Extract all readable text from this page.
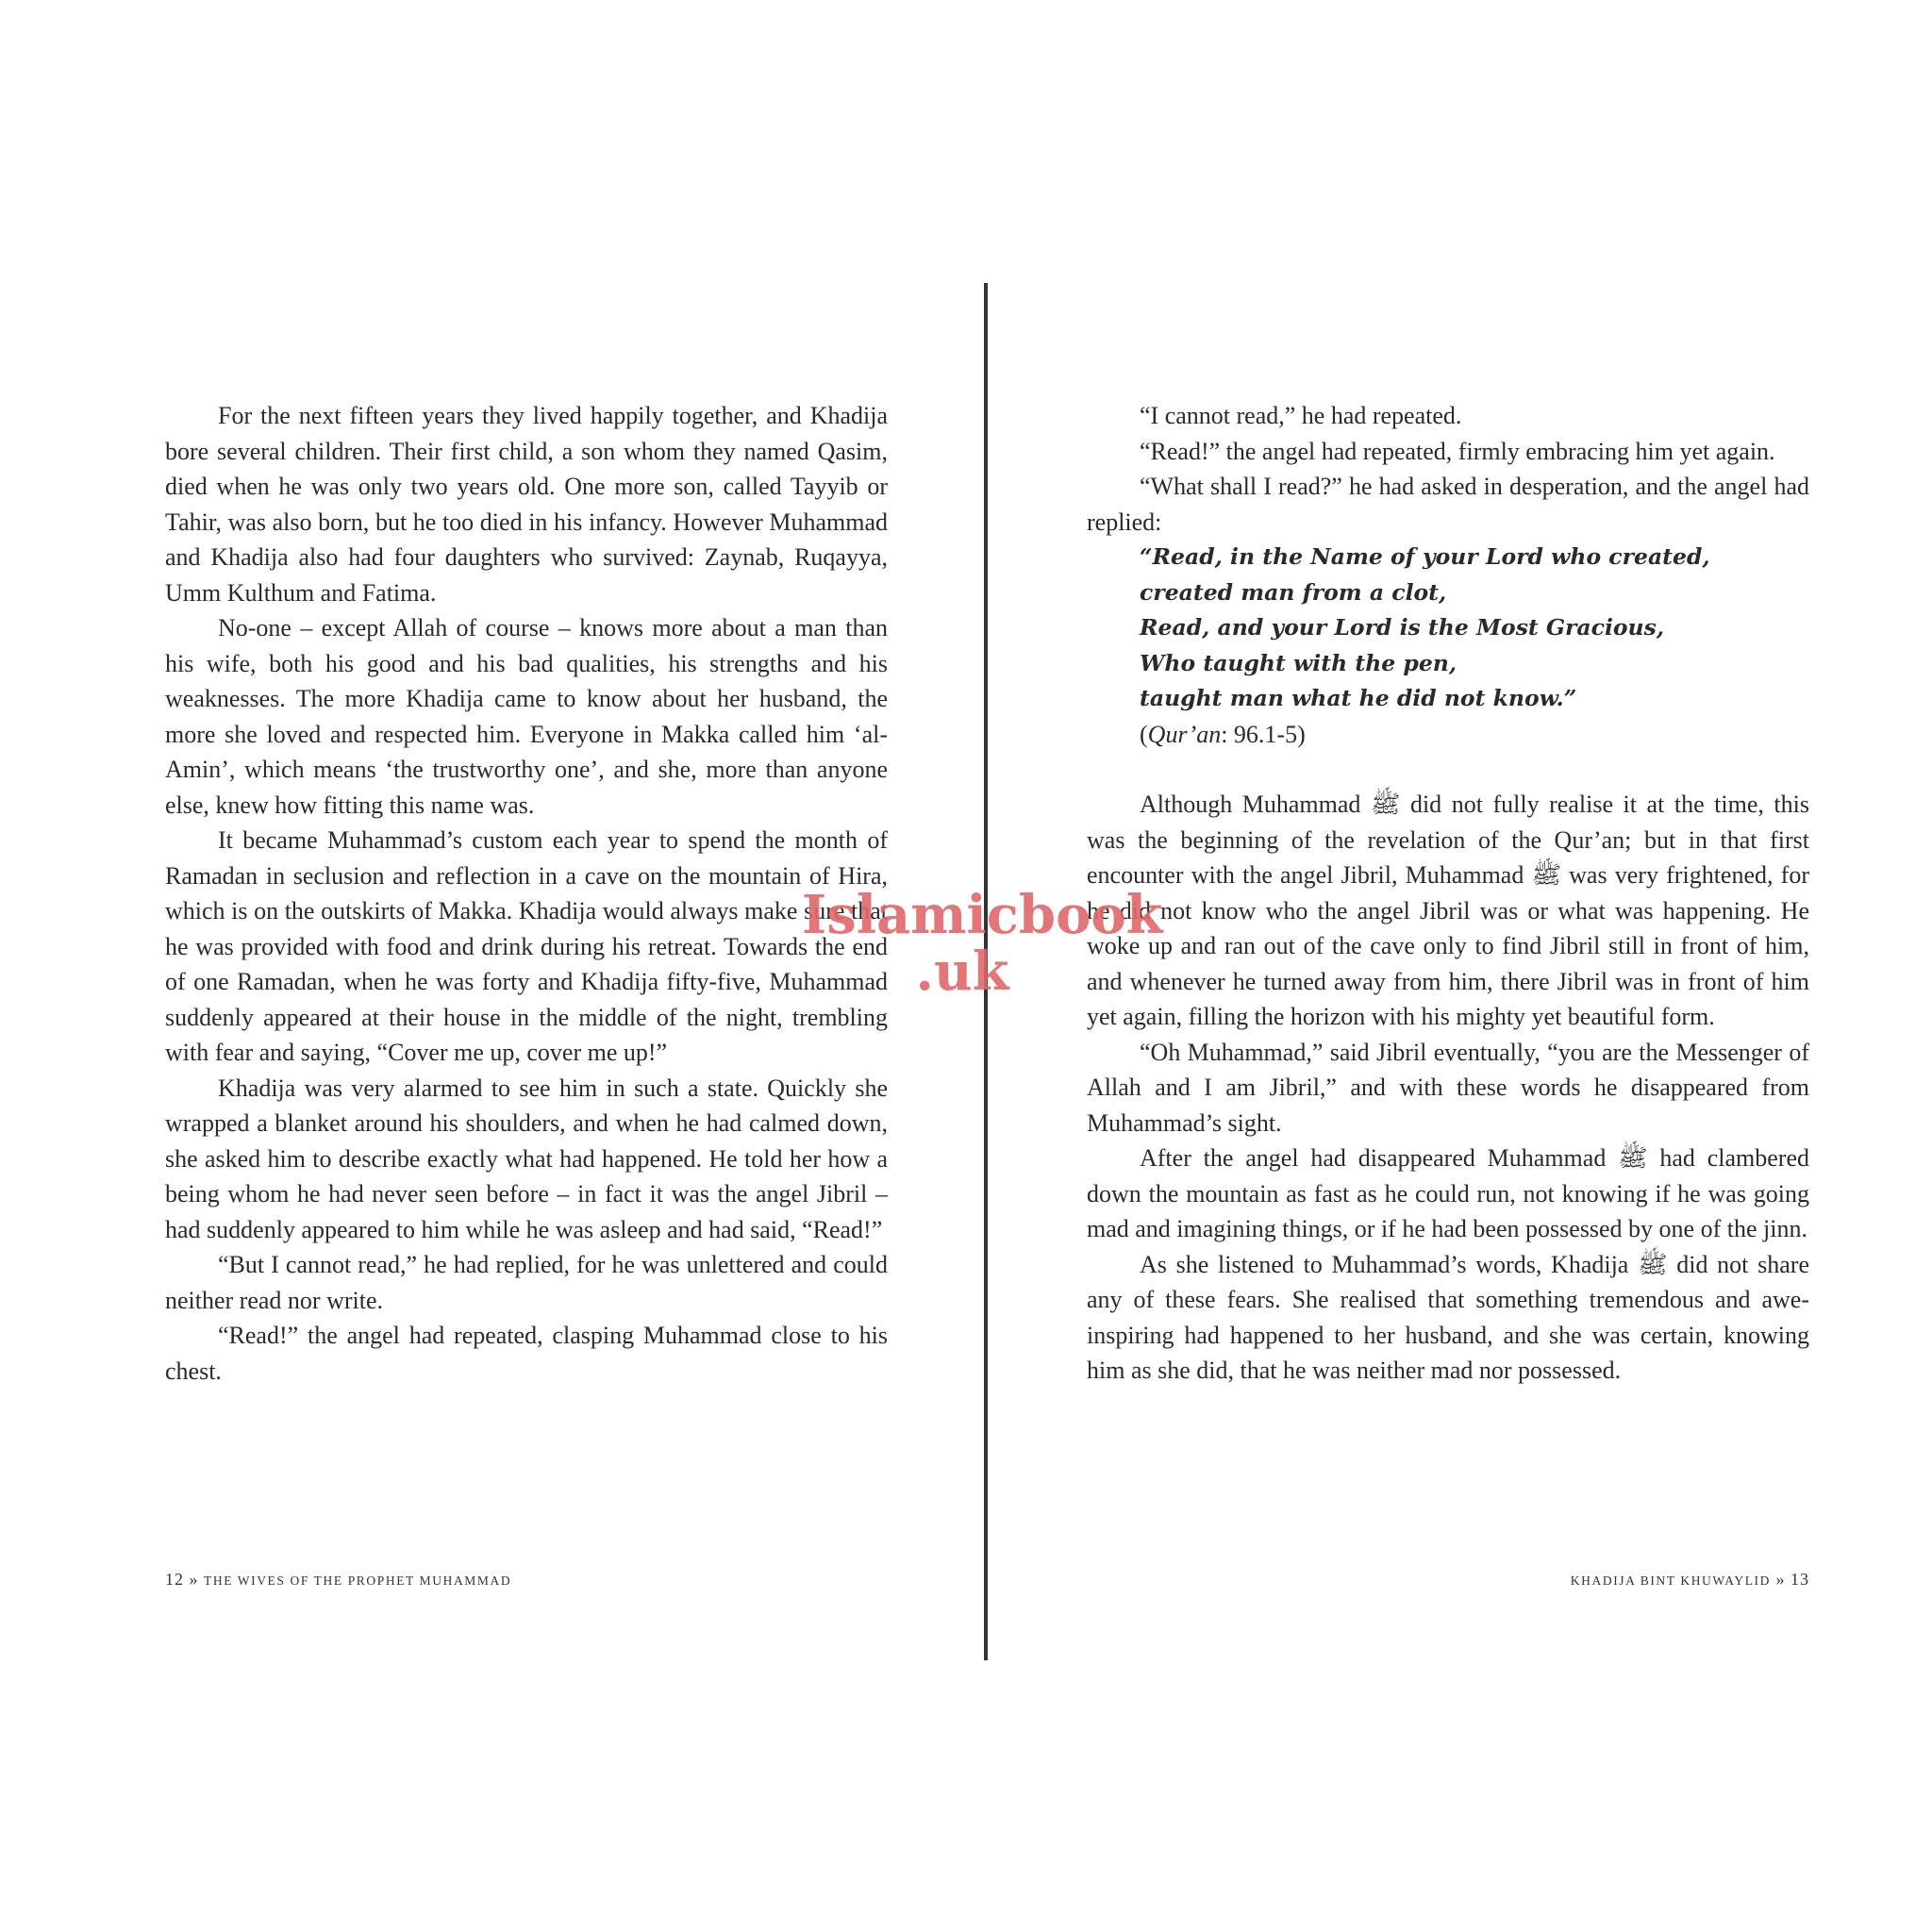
For the next fifteen years they lived happily together, and Khadija bore several children. Their first child, a son whom they named Qasim, died when he was only two years old. One more son, called Tayyib or Tahir, was also born, but he too died in his infancy. However Muhammad and Khadija also had four daughters who survived: Zaynab, Ruqayya, Umm Kulthum and Fatima.

No-one – except Allah of course – knows more about a man than his wife, both his good and his bad qualities, his strengths and his weaknesses. The more Khadija came to know about her husband, the more she loved and respected him. Everyone in Makka called him ‘al-Amin’, which means ‘the trustworthy one’, and she, more than anyone else, knew how fitting this name was.

It became Muhammad’s custom each year to spend the month of Ramadan in seclusion and reflection in a cave on the mountain of Hira, which is on the outskirts of Makka. Khadija would always make sure that he was provided with food and drink during his retreat. Towards the end of one Ramadan, when he was forty and Khadija fifty-five, Muhammad suddenly appeared at their house in the middle of the night, trembling with fear and saying, “Cover me up, cover me up!”

Khadija was very alarmed to see him in such a state. Quickly she wrapped a blanket around his shoulders, and when he had calmed down, she asked him to describe exactly what had happened. He told her how a being whom he had never seen before – in fact it was the angel Jibril – had suddenly appeared to him while he was asleep and had said, “Read!”

“But I cannot read,” he had replied, for he was unlettered and could neither read nor write.

“Read!” the angel had repeated, clasping Muhammad close to his chest.

“I cannot read,” he had repeated.

“Read!” the angel had repeated, firmly embracing him yet again.

“What shall I read?” he had asked in desperation, and the angel had replied:

“Read, in the Name of your Lord who created,

created man from a clot,

Read, and your Lord is the Most Gracious,

Who taught with the pen,

taught man what he did not know.”

(Qur’an: 96.1-5)

Although Muhammad ﷺ did not fully realise it at the time, this was the beginning of the revelation of the Qur’an; but in that first encounter with the angel Jibril, Muhammad ﷺ was very frightened, for he did not know who the angel Jibril was or what was happening. He woke up and ran out of the cave only to find Jibril still in front of him, and whenever he turned away from him, there Jibril was in front of him yet again, filling the horizon with his mighty yet beautiful form.

“Oh Muhammad,” said Jibril eventually, “you are the Messenger of Allah and I am Jibril,” and with these words he disappeared from Muhammad’s sight.

After the angel had disappeared Muhammad ﷺ had clambered down the mountain as fast as he could run, not knowing if he was going mad and imagining things, or if he had been possessed by one of the jinn.

As she listened to Muhammad’s words, Khadija ﷺ did not share any of these fears. She realised that something tremendous and awe-inspiring had happened to her husband, and she was certain, knowing him as she did, that he was neither mad nor possessed.

12 » THE WIVES OF THE PROPHET MUHAMMAD	KHADIJA BINT KHUWAYLID » 13
Islamicbook
.uk
